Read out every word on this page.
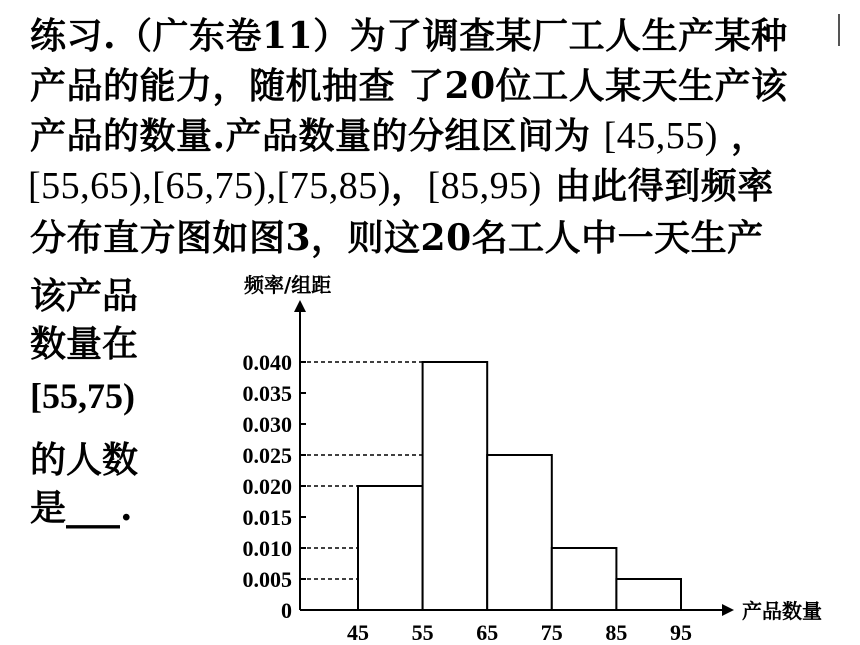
练习.（广东卷11）为了调查某厂工人生产某种
产品的能力，随机抽查 了20位工人某天生产该
产品的数量.产品数量的分组区间为 [45,55) ，
[55,65),[65,75),[75,85)，[85,95) 由此得到频率
分布直方图如图3，则这20名工人中一天生产
该产品
数量在
[55,75)
的人数
是___.
0
0.005
0.010
0.015
0.020
0.025
0.030
0.035
0.040
45 55 65 75 85 95
频率/组距
产品数量
